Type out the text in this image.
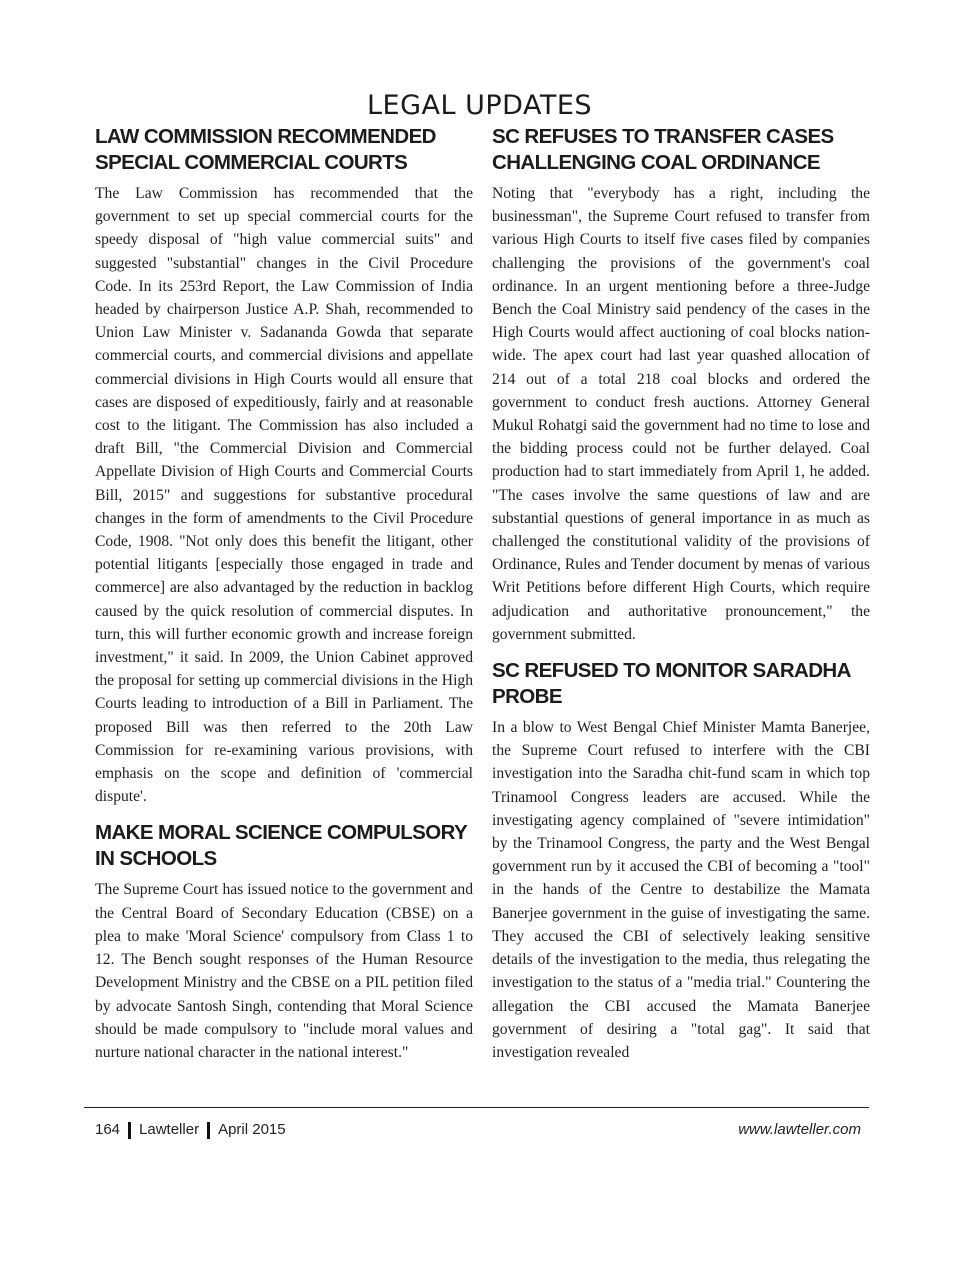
LEGAL UPDATES
LAW COMMISSION RECOMMENDED SPECIAL COMMERCIAL COURTS

The Law Commission has recommended that the government to set up special commercial courts for the speedy disposal of "high value commercial suits" and suggested "substantial" changes in the Civil Procedure Code. In its 253rd Report, the Law Commission of India headed by chairperson Justice A.P. Shah, recommended to Union Law Minister v. Sadananda Gowda that separate commercial courts, and commercial divisions and appellate commercial divisions in High Courts would all ensure that cases are disposed of expeditiously, fairly and at reasonable cost to the litigant. The Commission has also included a draft Bill, "the Commercial Division and Commercial Appellate Division of High Courts and Commercial Courts Bill, 2015" and suggestions for substantive procedural changes in the form of amendments to the Civil Procedure Code, 1908. "Not only does this benefit the litigant, other potential litigants [especially those engaged in trade and commerce] are also advantaged by the reduction in backlog caused by the quick resolution of commercial disputes. In turn, this will further economic growth and increase foreign investment," it said. In 2009, the Union Cabinet approved the proposal for setting up commercial divisions in the High Courts leading to introduction of a Bill in Parliament. The proposed Bill was then referred to the 20th Law Commission for re-examining various provisions, with emphasis on the scope and definition of 'commercial dispute'.

MAKE MORAL SCIENCE COMPULSORY IN SCHOOLS

The Supreme Court has issued notice to the government and the Central Board of Secondary Education (CBSE) on a plea to make 'Moral Science' compulsory from Class 1 to 12. The Bench sought responses of the Human Resource Development Ministry and the CBSE on a PIL petition filed by advocate Santosh Singh, contending that Moral Science should be made compulsory to "include moral values and nurture national character in the national interest."

SC REFUSES TO TRANSFER CASES CHALLENGING COAL ORDINANCE

Noting that "everybody has a right, including the businessman", the Supreme Court refused to transfer from various High Courts to itself five cases filed by companies challenging the provisions of the government's coal ordinance. In an urgent mentioning before a three-Judge Bench the Coal Ministry said pendency of the cases in the High Courts would affect auctioning of coal blocks nation-wide. The apex court had last year quashed allocation of 214 out of a total 218 coal blocks and ordered the government to conduct fresh auctions. Attorney General Mukul Rohatgi said the government had no time to lose and the bidding process could not be further delayed. Coal production had to start immediately from April 1, he added. "The cases involve the same questions of law and are substantial questions of general importance in as much as challenged the constitutional validity of the provisions of Ordinance, Rules and Tender document by menas of various Writ Petitions before different High Courts, which require adjudication and authoritative pronouncement," the government submitted.

SC REFUSED TO MONITOR SARADHA PROBE

In a blow to West Bengal Chief Minister Mamta Banerjee, the Supreme Court refused to interfere with the CBI investigation into the Saradha chit-fund scam in which top Trinamool Congress leaders are accused. While the investigating agency complained of "severe intimidation" by the Trinamool Congress, the party and the West Bengal government run by it accused the CBI of becoming a "tool" in the hands of the Centre to destabilize the Mamata Banerjee government in the guise of investigating the same. They accused the CBI of selectively leaking sensitive details of the investigation to the media, thus relegating the investigation to the status of a "media trial." Countering the allegation the CBI accused the Mamata Banerjee government of desiring a "total gag". It said that investigation revealed

164 Lawteller April 2015	www.lawteller.com
